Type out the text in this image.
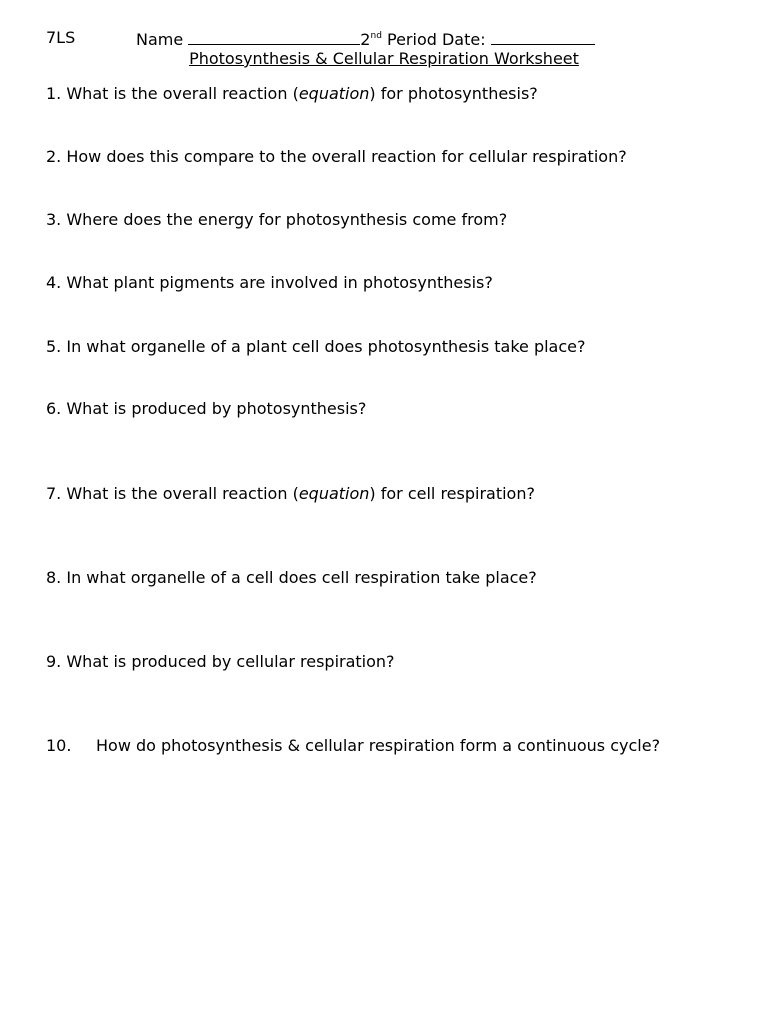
7LS	Name	2nd Period Date:
Photosynthesis & Cellular Respiration Worksheet
1. What is the overall reaction (equation) for photosynthesis?
2. How does this compare to the overall reaction for cellular respiration?
3. Where does the energy for photosynthesis come from?
4. What plant pigments are involved in photosynthesis?
5. In what organelle of a plant cell does photosynthesis take place?
6. What is produced by photosynthesis?
7. What is the overall reaction (equation) for cell respiration?
8. In what organelle of a cell does cell respiration take place?
9. What is produced by cellular respiration?
10. How do photosynthesis & cellular respiration form a continuous cycle?
